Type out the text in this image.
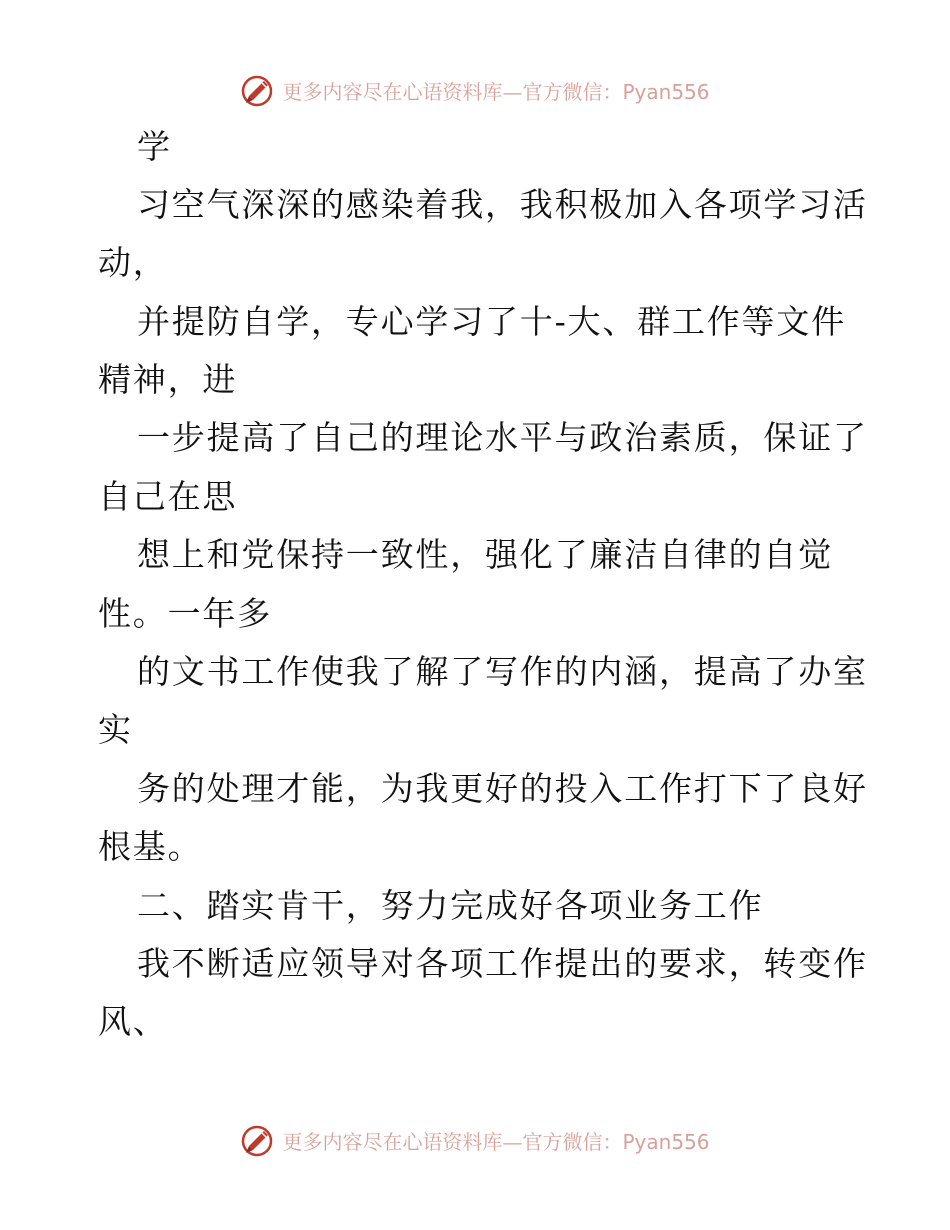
更多内容尽在心语资料库—官方微信：Pyan556

学

习空气深深的感染着我，我积极加入各项学习活

动，

并提防自学，专心学习了十-大、群工作等文件

精神，进

一步提高了自己的理论水平与政治素质，保证了

自己在思

想上和党保持一致性，强化了廉洁自律的自觉

性。一年多

的文书工作使我了解了写作的内涵，提高了办室

实

务的处理才能，为我更好的投入工作打下了良好

根基。

二、踏实肯干，努力完成好各项业务工作

我不断适应领导对各项工作提出的要求，转变作

风、

更多内容尽在心语资料库—官方微信：Pyan556
